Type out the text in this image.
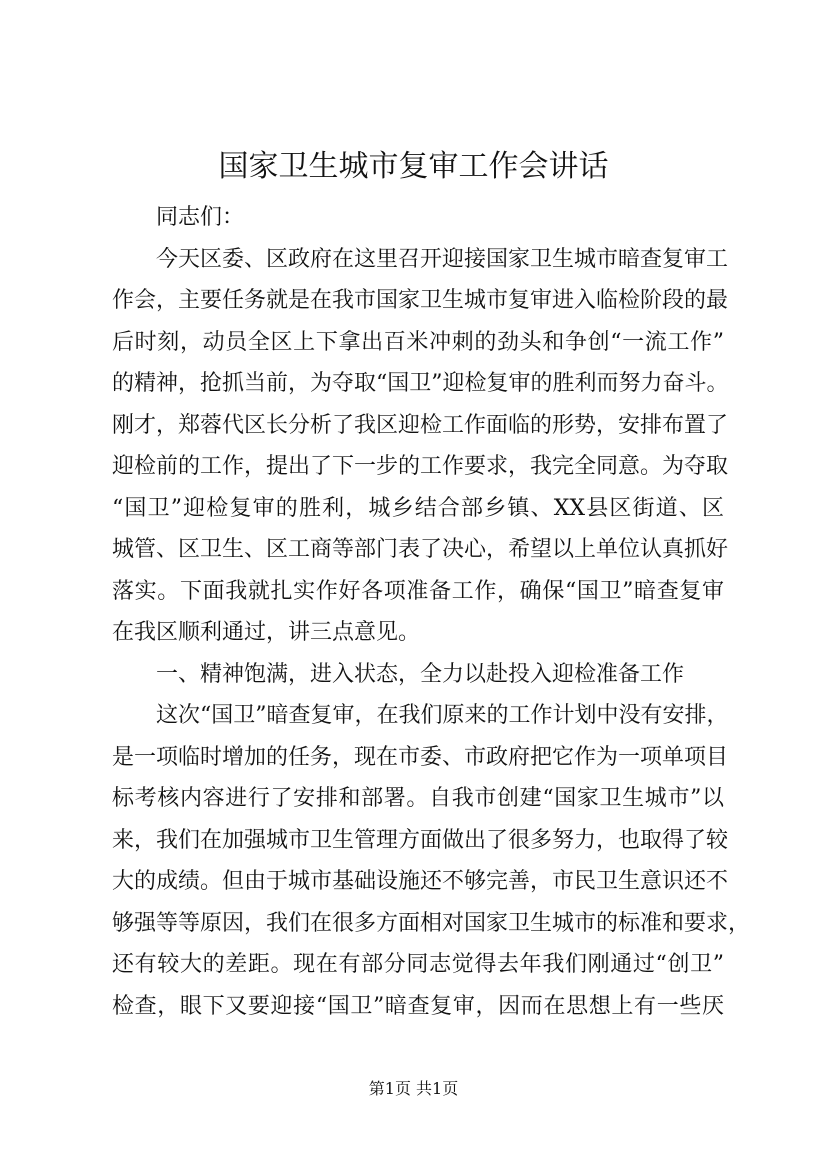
国家卫生城市复审工作会讲话
同志们：
今天区委、区政府在这里召开迎接国家卫生城市暗查复审工
作会，主要任务就是在我市国家卫生城市复审进入临检阶段的最
后时刻，动员全区上下拿出百米冲刺的劲头和争创“一流工作”
的精神，抢抓当前，为夺取“国卫”迎检复审的胜利而努力奋斗。
刚才，郑蓉代区长分析了我区迎检工作面临的形势，安排布置了
迎检前的工作，提出了下一步的工作要求，我完全同意。为夺取
“国卫”迎检复审的胜利，城乡结合部乡镇、XX县区街道、区
城管、区卫生、区工商等部门表了决心，希望以上单位认真抓好
落实。下面我就扎实作好各项准备工作，确保“国卫”暗查复审
在我区顺利通过，讲三点意见。
一、精神饱满，进入状态，全力以赴投入迎检准备工作
这次“国卫”暗查复审，在我们原来的工作计划中没有安排，
是一项临时增加的任务，现在市委、市政府把它作为一项单项目
标考核内容进行了安排和部署。自我市创建“国家卫生城市”以
来，我们在加强城市卫生管理方面做出了很多努力，也取得了较
大的成绩。但由于城市基础设施还不够完善，市民卫生意识还不
够强等等原因，我们在很多方面相对国家卫生城市的标准和要求，
还有较大的差距。现在有部分同志觉得去年我们刚通过“创卫”
检查，眼下又要迎接“国卫”暗查复审，因而在思想上有一些厌
第1页 共1页
